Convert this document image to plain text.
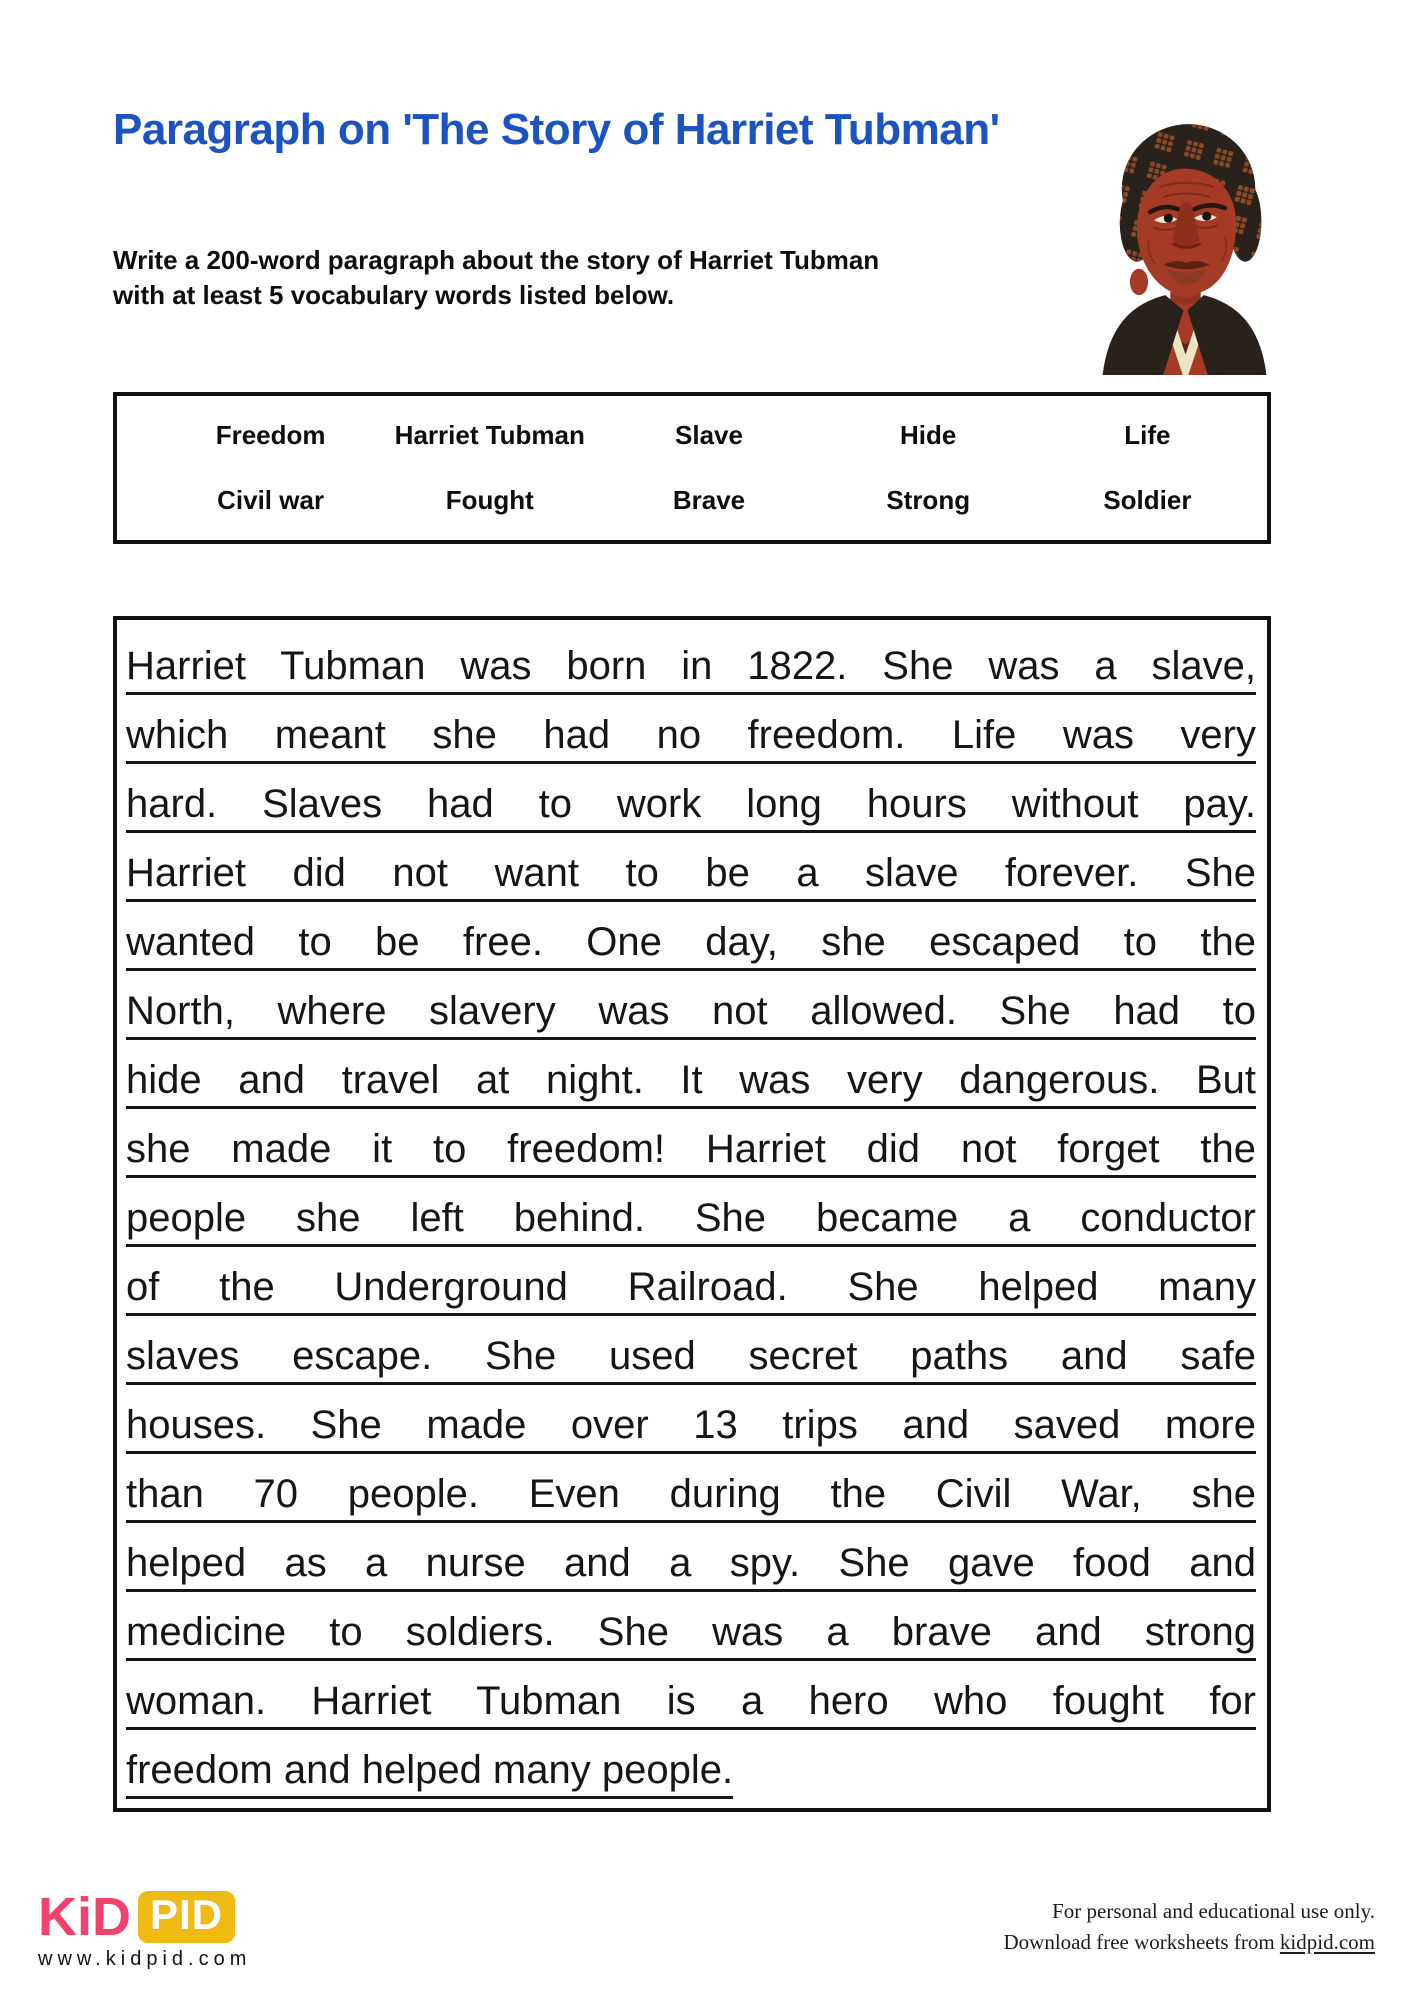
Paragraph on 'The Story of Harriet Tubman'

Write a 200-word paragraph about the story of Harriet Tubman with at least 5 vocabulary words listed below.

Freedom	Harriet Tubman	Slave	Hide	Life
Civil war	Fought	Brave	Strong	Soldier
Harriet Tubman was born in 1822. She was a slave,
which meant she had no freedom. Life was very
hard. Slaves had to work long hours without pay.
Harriet did not want to be a slave forever. She
wanted to be free. One day, she escaped to the
North, where slavery was not allowed. She had to
hide and travel at night. It was very dangerous. But
she made it to freedom! Harriet did not forget the
people she left behind. She became a conductor
of the Underground Railroad. She helped many
slaves escape. She used secret paths and safe
houses. She made over 13 trips and saved more
than 70 people. Even during the Civil War, she
helped as a nurse and a spy. She gave food and
medicine to soldiers. She was a brave and strong
woman. Harriet Tubman is a hero who fought for
freedom and helped many people.
KiD PID
www.kidpid.com
For personal and educational use only.
Download free worksheets from kidpid.com
